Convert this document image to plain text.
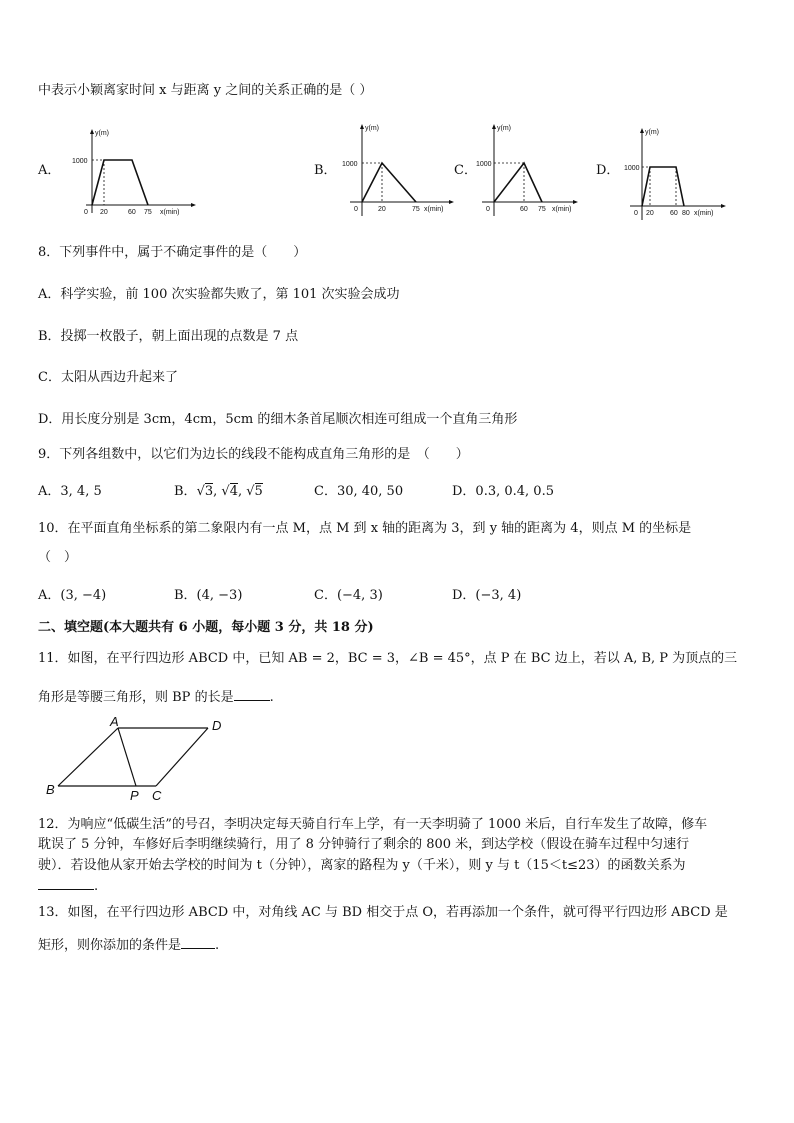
中表示小颖离家时间 x 与距离 y 之间的关系正确的是（ ）
A．
y(m)
1000
0 20	60 75 x(min)
B．
y(m)
1000
0	20	75 x(min)
C．
y(m)
1000
0	60 75 x(min)
D．
y(m)
1000
0 20 60 80 x(min)
8．下列事件中，属于不确定事件的是（　　）
A．科学实验，前 100 次实验都失败了，第 101 次实验会成功
B．投掷一枚骰子，朝上面出现的点数是 7 点
C．太阳从西边升起来了
D．用长度分别是 3cm，4cm，5cm 的细木条首尾顺次相连可组成一个直角三角形
9．下列各组数中，以它们为边长的线段不能构成直角三角形的是　（　　）
A．3, 4, 5	B．√3, √4, √5	C．30, 40, 50	D．0.3, 0.4, 0.5
10．在平面直角坐标系的第二象限内有一点 M，点 M 到 x 轴的距离为 3，到 y 轴的距离为 4，则点 M 的坐标是
（　）
A．(3, −4)	B．(4, −3)	C．(−4, 3)	D．(−3, 4)
二、填空题(本大题共有 6 小题，每小题 3 分，共 18 分)
11．如图，在平行四边形 ABCD 中，已知 AB = 2，BC = 3，∠B = 45°，点 P 在 BC 边上，若以 A, B, P 为顶点的三
角形是等腰三角形，则 BP 的长是	.
A
B	P C
D
12．为响应“低碳生活”的号召，李明决定每天骑自行车上学，有一天李明骑了 1000 米后，自行车发生了故障，修车
耽误了 5 分钟，车修好后李明继续骑行，用了 8 分钟骑行了剩余的 800 米，到达学校（假设在骑车过程中匀速行
驶）．若设他从家开始去学校的时间为 t（分钟），离家的路程为 y（千米），则 y 与 t（15＜t≤23）的函数关系为
.
13．如图，在平行四边形 ABCD 中，对角线 AC 与 BD 相交于点 O，若再添加一个条件，就可得平行四边形 ABCD 是
矩形，则你添加的条件是	.
